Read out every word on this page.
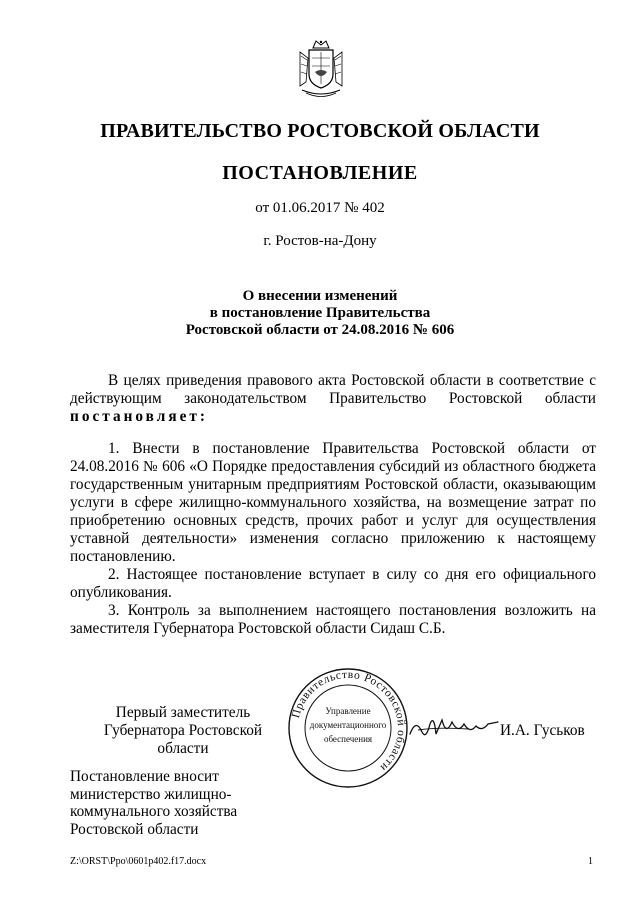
ПРАВИТЕЛЬСТВО РОСТОВСКОЙ ОБЛАСТИ
ПОСТАНОВЛЕНИЕ
от 01.06.2017 № 402
г. Ростов-на-Дону
О внесении изменений
в постановление Правительства
Ростовской области от 24.08.2016 № 606

В целях приведения правового акта Ростовской области в соответствие с действующим законодательством Правительство Ростовской области постановляет:

1. Внести в постановление Правительства Ростовской области от 24.08.2016 № 606 «О Порядке предоставления субсидий из областного бюджета государственным унитарным предприятиям Ростовской области, оказывающим услуги в сфере жилищно-коммунального хозяйства, на возмещение затрат по приобретению основных средств, прочих работ и услуг для осуществления уставной деятельности» изменения согласно приложению к настоящему постановлению.

2. Настоящее постановление вступает в силу со дня его официального опубликования.

3. Контроль за выполнением настоящего постановления возложить на заместителя Губернатора Ростовской области Сидаш С.Б.

Первый заместитель
Губернатора Ростовской области
Правительство Ростовской области
Управление
документационного
обеспечения	И.А. Гуськов
Постановление вносит
министерство жилищно-
коммунального хозяйства
Ростовской области
Z:\ORST\Ppo\0601p402.f17.docx	1
